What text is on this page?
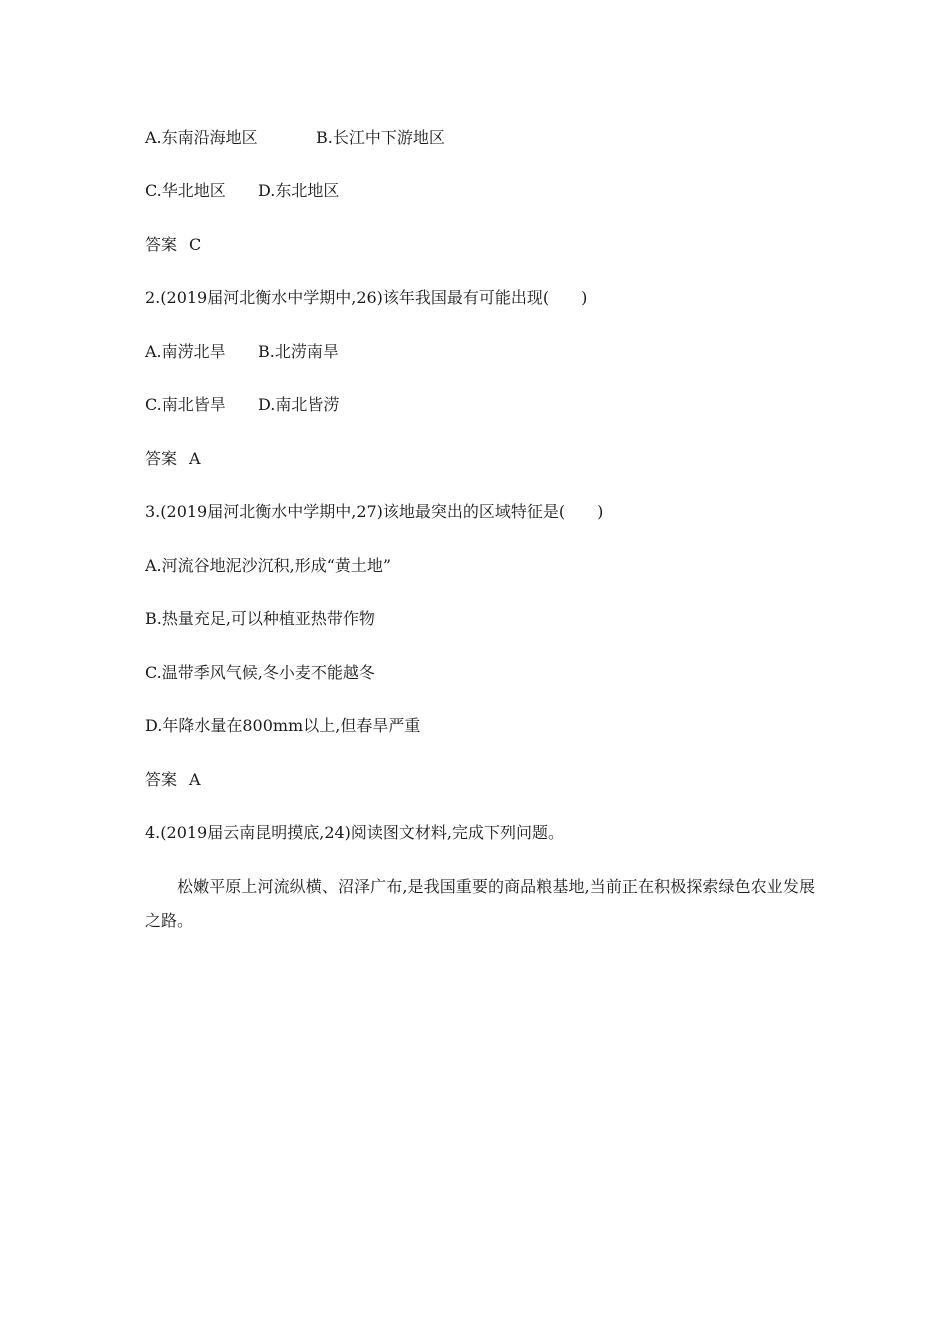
A.东南沿海地区	B.长江中下游地区
C.华北地区 D.东北地区
答案 C
2.(2019届河北衡水中学期中,26)该年我国最有可能出现(　　)
A.南涝北旱 B.北涝南旱
C.南北皆旱 D.南北皆涝
答案 A
3.(2019届河北衡水中学期中,27)该地最突出的区域特征是(　　)
A.河流谷地泥沙沉积,形成“黄土地”
B.热量充足,可以种植亚热带作物
C.温带季风气候,冬小麦不能越冬
D.年降水量在800mm以上,但春旱严重
答案 A
4.(2019届云南昆明摸底,24)阅读图文材料,完成下列问题。
松嫩平原上河流纵横、沼泽广布,是我国重要的商品粮基地,当前正在积极探索绿色农业发展之路。
